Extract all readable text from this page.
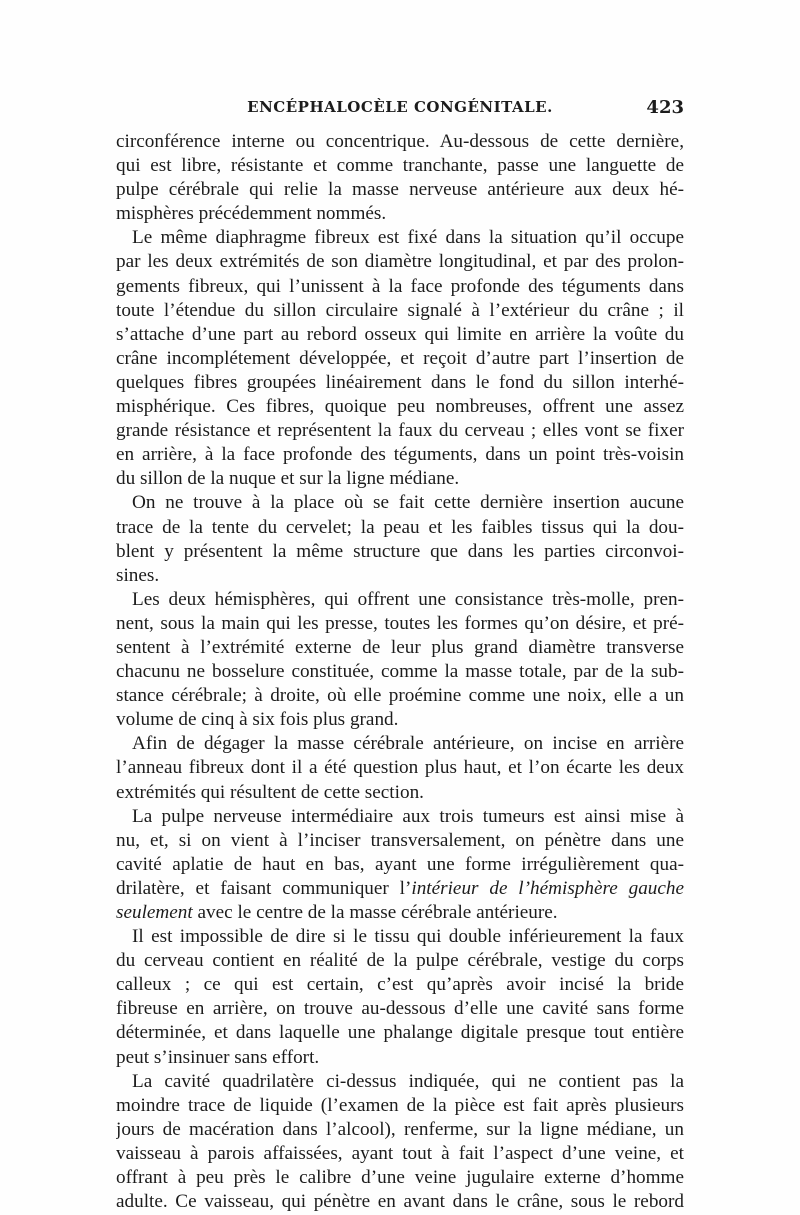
ENCÉPHALOCÈLE CONGÉNITALE.	423
circonférence interne ou concentrique. Au-dessous de cette dernière,
qui est libre, résistante et comme tranchante, passe une languette de
pulpe cérébrale qui relie la masse nerveuse antérieure aux deux hé-
misphères précédemment nommés.
Le même diaphragme fibreux est fixé dans la situation qu’il occupe
par les deux extrémités de son diamètre longitudinal, et par des prolon-
gements fibreux, qui l’unissent à la face profonde des téguments dans
toute l’étendue du sillon circulaire signalé à l’extérieur du crâne ; il
s’attache d’une part au rebord osseux qui limite en arrière la voûte du
crâne incomplétement développée, et reçoit d’autre part l’insertion de
quelques fibres groupées linéairement dans le fond du sillon interhé-
misphérique. Ces fibres, quoique peu nombreuses, offrent une assez
grande résistance et représentent la faux du cerveau ; elles vont se fixer
en arrière, à la face profonde des téguments, dans un point très-voisin
du sillon de la nuque et sur la ligne médiane.
On ne trouve à la place où se fait cette dernière insertion aucune
trace de la tente du cervelet; la peau et les faibles tissus qui la dou-
blent y présentent la même structure que dans les parties circonvoi-
sines.
Les deux hémisphères, qui offrent une consistance très-molle, pren-
nent, sous la main qui les presse, toutes les formes qu’on désire, et pré-
sentent à l’extrémité externe de leur plus grand diamètre transverse
chacunu ne bosselure constituée, comme la masse totale, par de la sub-
stance cérébrale; à droite, où elle proémine comme une noix, elle a un
volume de cinq à six fois plus grand.
Afin de dégager la masse cérébrale antérieure, on incise en arrière
l’anneau fibreux dont il a été question plus haut, et l’on écarte les deux
extrémités qui résultent de cette section.
La pulpe nerveuse intermédiaire aux trois tumeurs est ainsi mise à
nu, et, si on vient à l’inciser transversalement, on pénètre dans une
cavité aplatie de haut en bas, ayant une forme irrégulièrement qua-
drilatère, et faisant communiquer l’intérieur de l’hémisphère gauche
seulement avec le centre de la masse cérébrale antérieure.
Il est impossible de dire si le tissu qui double inférieurement la faux
du cerveau contient en réalité de la pulpe cérébrale, vestige du corps
calleux ; ce qui est certain, c’est qu’après avoir incisé la bride
fibreuse en arrière, on trouve au-dessous d’elle une cavité sans forme
déterminée, et dans laquelle une phalange digitale presque tout entière
peut s’insinuer sans effort.
La cavité quadrilatère ci-dessus indiquée, qui ne contient pas la
moindre trace de liquide (l’examen de la pièce est fait après plusieurs
jours de macération dans l’alcool), renferme, sur la ligne médiane, un
vaisseau à parois affaissées, ayant tout à fait l’aspect d’une veine, et
offrant à peu près le calibre d’une veine jugulaire externe d’homme
adulte. Ce vaisseau, qui pénètre en avant dans le crâne, sous le rebord
